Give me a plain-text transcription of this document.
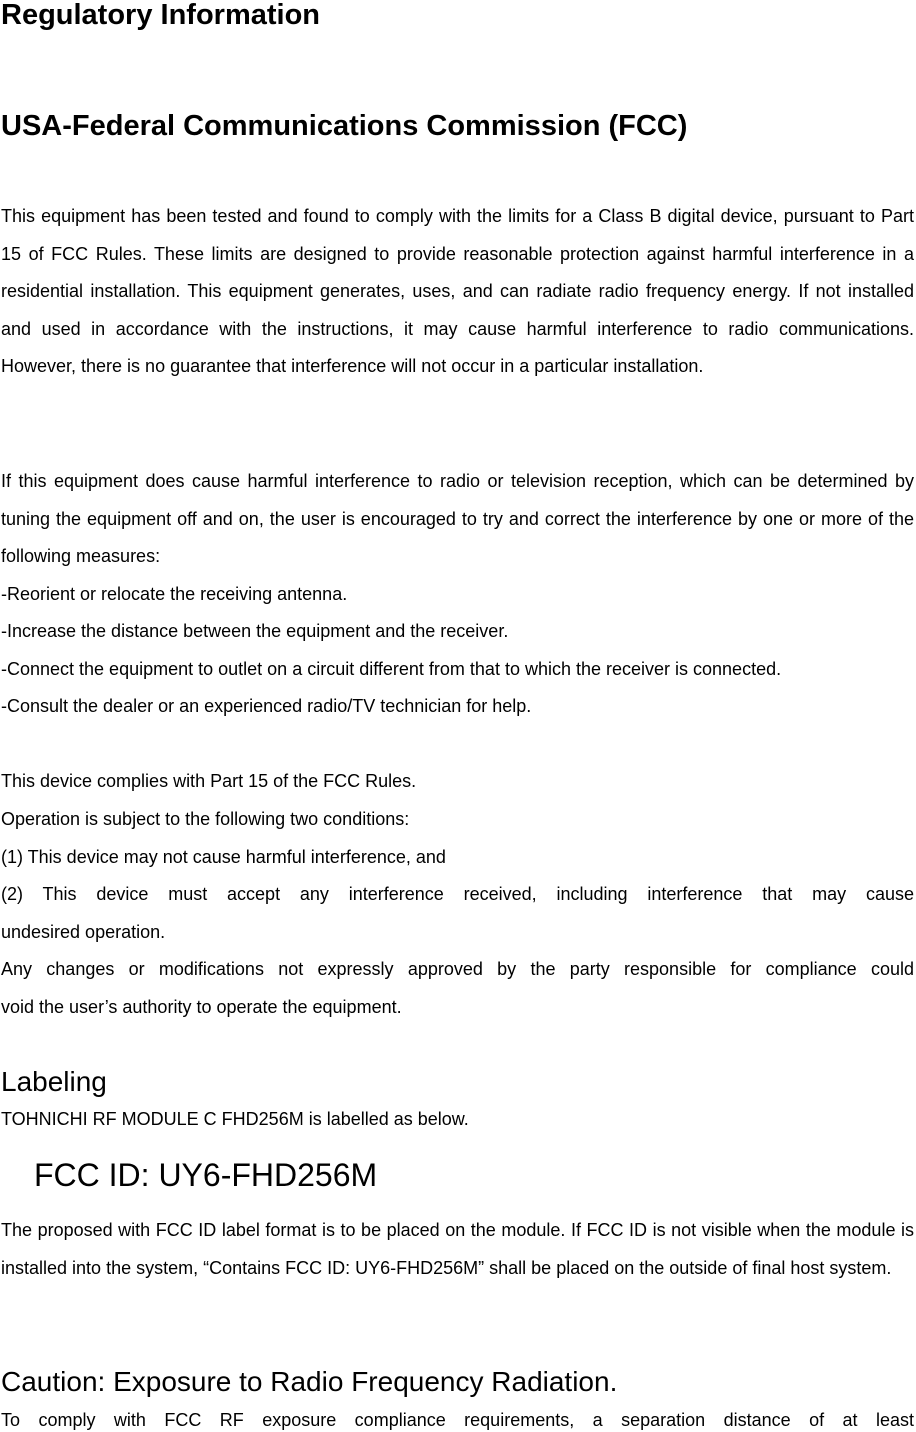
Regulatory Information
USA-Federal Communications Commission (FCC)

This equipment has been tested and found to comply with the limits for a Class B digital device, pursuant to Part 15 of FCC Rules. These limits are designed to provide reasonable protection against harmful interference in a residential installation. This equipment generates, uses, and can radiate radio frequency energy. If not installed and used in accordance with the instructions, it may cause harmful interference to radio communications. However, there is no guarantee that interference will not occur in a particular installation.

If this equipment does cause harmful interference to radio or television reception, which can be determined by tuning the equipment off and on, the user is encouraged to try and correct the interference by one or more of the following measures:

-Reorient or relocate the receiving antenna.

-Increase the distance between the equipment and the receiver.

-Connect the equipment to outlet on a circuit different from that to which the receiver is connected.

-Consult the dealer or an experienced radio/TV technician for help.

This device complies with Part 15 of the FCC Rules.

Operation is subject to the following two conditions:

(1) This device may not cause harmful interference, and

(2) This device must accept any interference received, including interference that may cause

undesired operation.

Any changes or modifications not expressly approved by the party responsible for compliance could

void the user’s authority to operate the equipment.

Labeling

TOHNICHI RF MODULE C FHD256M is labelled as below.

FCC ID: UY6-FHD256M

The proposed with FCC ID label format is to be placed on the module. If FCC ID is not visible when the module is installed into the system, “Contains FCC ID: UY6-FHD256M” shall be placed on the outside of final host system.

Caution: Exposure to Radio Frequency Radiation.

To comply with FCC RF exposure compliance requirements, a separation distance of at least
